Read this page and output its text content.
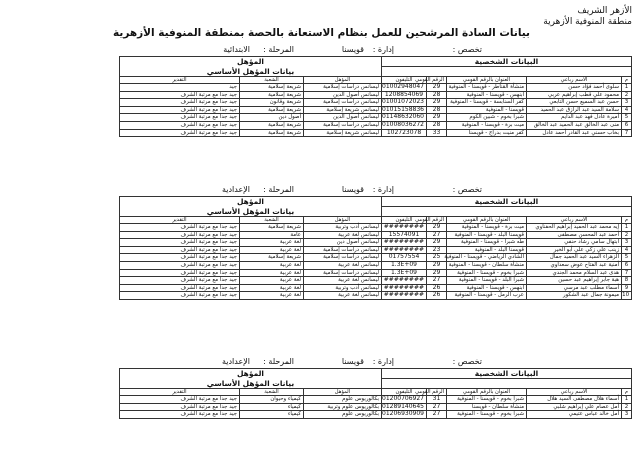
الأزهر الشريف
منطقة المنوفية الأزهرية
بيانات السادة المرشحين للعمل بنظام الاستعانة بالحصة بمنطقة المنوفية الأزهرية
تخصص :
إدارة :
قويسنا
المرحلة :
الابتدائية
البيانات الشخصية					المؤهل		
					بيانات المؤهل الأساسي		
م	الاسم رباعي	العنوان بالرقم القومي	الرقم القومي	التليفون	المؤهل	الشعبة	التقدير
1	سلوى أحمد فؤاد حسن	منشأة القناطر - قويسنا - المنوفية	29	01002948047	ليسانس دراسات إسلامية	شريعة إسلامية	جيد
2	محمود علي قطب إبراهيم عربي	ابنهس - قويسنا - المنوفية	28	1208854069	ليسانس أصول الدين	شريعة إسلامية	جيد جدا مع مرتبة الشرف
3	حسن عبد السميع حسن التابعي	كفر السنابسة - قويسنا - المنوفية	29	01001072023	ليسانس دراسات إسلامية	شريعة وقانون	جيد جدا مع مرتبة الشرف
4	سلامة السيد عبد الرازق عبد الحميد	قويسنا - المنوفية	28	01015158836	ليسانس شريعة إسلامية	شريعة إسلامية	جيد جدا مع مرتبة الشرف
5	أميرة عادل فهد عبد الدايم	شبرا بخوم - شبين الكوم	29	01148632060	ليسانس أصول الدين	أصول دين	جيد جدا مع مرتبة الشرف
6	منى عبد الخالق عبد الحميد عبد الخالق	ميت برة - قويسنا - المنوفية	28	01008036272	ليسانس دراسات إسلامية	شريعة إسلامية	جيد جدا مع مرتبة الشرف
7	بخاب حسني عبد القادر أحمد عادل	كفر منيت بدراج - قويسنا	33	102723078	ليسانس شريعة إسلامية	شريعة إسلامية	جيد جدا مع مرتبة الشرف
تخصص :
إدارة :
قويسنا
المرحلة :
الإعدادية
البيانات الشخصية					المؤهل		
					بيانات المؤهل الأساسي		
م	الاسم رباعي	العنوان بالرقم القومي	الرقم القومي	التليفون	المؤهل	الشعبة	التقدير
1	إيه محمد عبد الحميد إبراهيم الحفناوي	ميت برة - قويسنا - المنوفية	29	########	ليسانس أدب وتربية	شريعة إسلامية	جيد جدا مع مرتبة الشرف
2	أحمد عبد المحسن مصطفى	قويسنا البلد - قويسنا - المنوفية	27	15574091	ليسانس لغة عربية	عامة	جيد جدا مع مرتبة الشرف
3	ابتهال سامي رشاد حنفي	طه شبرا - قويسنا - المنوفية	29	########	ليسانس أصول دين	لغة عربية	جيد جدا مع مرتبة الشرف
4	زينب علي زكي علي أبو الخير	قويسنا البلد - المنوفية	23	########	ليسانس دراسات إسلامية	لغة عربية	جيد جدا مع مرتبة الشرف
5	الزهراء السيد عبد الحميد جمال	الشادي الرياضي - قويسنا - المنوفية	25	01757554	ليسانس دراسات إسلامية	شريعة إسلامية	جيد جدا مع مرتبة الشرف
6	أمنية عبد الفتاح عوض سعداوي	منشأة سلطان - قويسنا - المنوفية	29	1.3E+09	ليسانس لغة عربية	لغة عربية	جيد جدا مع مرتبة الشرف
7	هدى عبد السلام محمد الجندي	شبرا بخوم - قويسنا - المنوفية	29	1.3E+09	ليسانس دراسات إسلامية	لغة عربية	جيد جدا مع مرتبة الشرف
8	هبة جابر إبراهيم عبد حسين	شبرا البلد - قويسنا - المنوفية	27	########	ليسانس لغة عربية	لغة عربية	جيد جدا مع مرتبة الشرف
9	أسماء مطلب عبد مرسي	ابنهس - قويسنا - المنوفية	26	########	ليسانس أدب وتربية	لغة عربية	جيد جدا مع مرتبة الشرف
10	ميمونة جمال عبد الشكور	عرب الرمل - قويسنا - المنوفية	26	########	ليسانس لغة عربية	لغة عربية	جيد جدا مع مرتبة الشرف
تخصص :
إدارة :
قويسنا
المرحلة :
الإعدادية
البيانات الشخصية					المؤهل		
					بيانات المؤهل الأساسي		
م	الاسم رباعي	العنوان بالرقم القومي	الرقم القومي	التليفون	المؤهل	الشعبة	التقدير
1	أسماء هلال مصطفى السيد هلال	شبرا بخوم - قويسنا - المنوفية	31	01200706927	بكالوريوس علوم	كيمياء وحيوان	جيد جدا مع مرتبة الشرف
2	أمل عصام علي إبراهيم شلبي	منشأة سلطان - قويسنا	27	01289140645	بكالوريوس علوم وتربية	كيمياء	جيد جدا مع مرتبة الشرف
3	أمل خالد عباس عتيمي	شبرا بخوم - قويسنا - المنوفية	27	01206930909	بكالوريوس علوم	كيمياء	جيد جدا مع مرتبة الشرف
